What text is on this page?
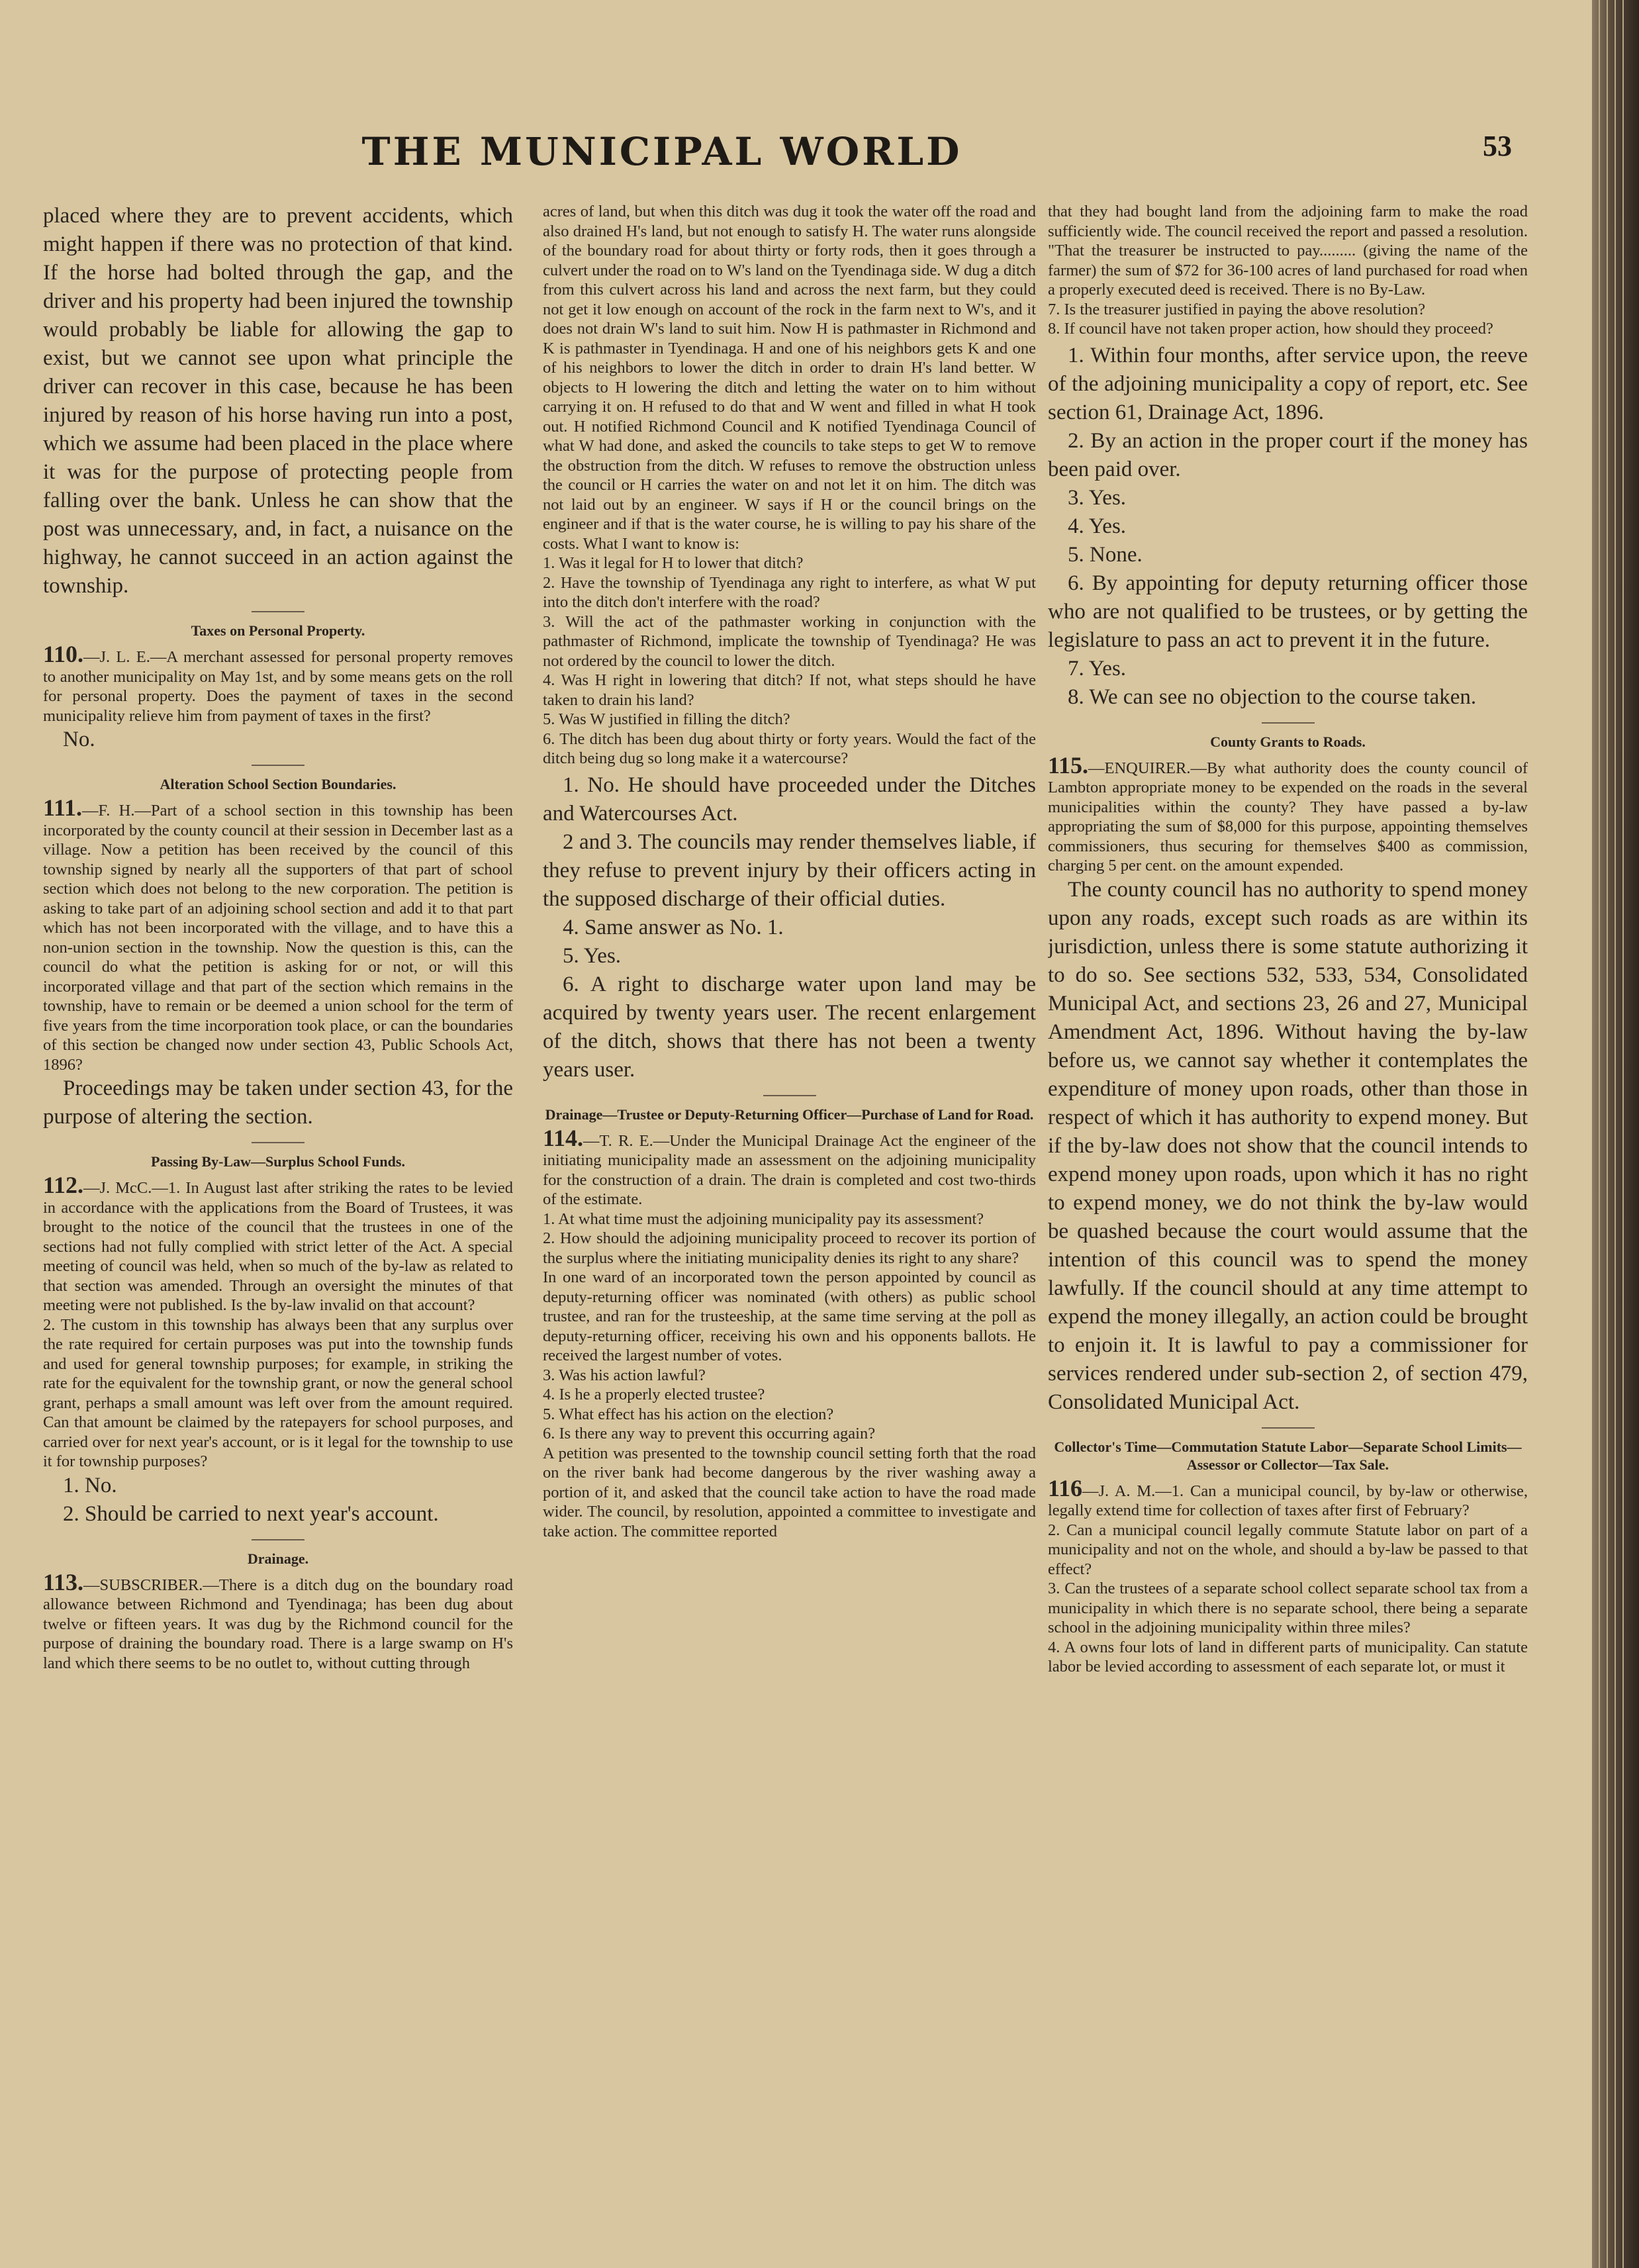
THE MUNICIPAL WORLD	53

placed where they are to prevent accidents, which might happen if there was no protection of that kind. If the horse had bolted through the gap, and the driver and his property had been injured the township would probably be liable for allowing the gap to exist, but we cannot see upon what principle the driver can recover in this case, because he has been injured by reason of his horse having run into a post, which we assume had been placed in the place where it was for the purpose of protecting people from falling over the bank. Unless he can show that the post was unnecessary, and, in fact, a nuisance on the highway, he cannot succeed in an action against the township.

Taxes on Personal Property.

110.—J. L. E.—A merchant assessed for personal property removes to another municipality on May 1st, and by some means gets on the roll for personal property. Does the payment of taxes in the second municipality relieve him from payment of taxes in the first?

No.

Alteration School Section Boundaries.

111.—F. H.—Part of a school section in this township has been incorporated by the county council at their session in December last as a village. Now a petition has been received by the council of this township signed by nearly all the supporters of that part of school section which does not belong to the new corporation. The petition is asking to take part of an adjoining school section and add it to that part which has not been incorporated with the village, and to have this a non-union section in the township. Now the question is this, can the council do what the petition is asking for or not, or will this incorporated village and that part of the section which remains in the township, have to remain or be deemed a union school for the term of five years from the time incorporation took place, or can the boundaries of this section be changed now under section 43, Public Schools Act, 1896?

Proceedings may be taken under section 43, for the purpose of altering the section.

Passing By-Law—Surplus School Funds.

112.—J. McC.—1. In August last after striking the rates to be levied in accordance with the applications from the Board of Trustees, it was brought to the notice of the council that the trustees in one of the sections had not fully complied with strict letter of the Act. A special meeting of council was held, when so much of the by-law as related to that section was amended. Through an oversight the minutes of that meeting were not published. Is the by-law invalid on that account?

2. The custom in this township has always been that any surplus over the rate required for certain purposes was put into the township funds and used for general township purposes; for example, in striking the rate for the equivalent for the township grant, or now the general school grant, perhaps a small amount was left over from the amount required. Can that amount be claimed by the ratepayers for school purposes, and carried over for next year's account, or is it legal for the township to use it for township purposes?

1. No.

2. Should be carried to next year's account.

Drainage.

113.—SUBSCRIBER.—There is a ditch dug on the boundary road allowance between Richmond and Tyendinaga; has been dug about twelve or fifteen years. It was dug by the Richmond council for the purpose of draining the boundary road. There is a large swamp on H's land which there seems to be no outlet to, without cutting through

acres of land, but when this ditch was dug it took the water off the road and also drained H's land, but not enough to satisfy H. The water runs alongside of the boundary road for about thirty or forty rods, then it goes through a culvert under the road on to W's land on the Tyendinaga side. W dug a ditch from this culvert across his land and across the next farm, but they could not get it low enough on account of the rock in the farm next to W's, and it does not drain W's land to suit him. Now H is pathmaster in Richmond and K is pathmaster in Tyendinaga. H and one of his neighbors gets K and one of his neighbors to lower the ditch in order to drain H's land better. W objects to H lowering the ditch and letting the water on to him without carrying it on. H refused to do that and W went and filled in what H took out. H notified Richmond Council and K notified Tyendinaga Council of what W had done, and asked the councils to take steps to get W to remove the obstruction from the ditch. W refuses to remove the obstruction unless the council or H carries the water on and not let it on him. The ditch was not laid out by an engineer. W says if H or the council brings on the engineer and if that is the water course, he is willing to pay his share of the costs. What I want to know is:

1. Was it legal for H to lower that ditch?

2. Have the township of Tyendinaga any right to interfere, as what W put into the ditch don't interfere with the road?

3. Will the act of the pathmaster working in conjunction with the pathmaster of Richmond, implicate the township of Tyendinaga? He was not ordered by the council to lower the ditch.

4. Was H right in lowering that ditch? If not, what steps should he have taken to drain his land?

5. Was W justified in filling the ditch?

6. The ditch has been dug about thirty or forty years. Would the fact of the ditch being dug so long make it a watercourse?

1. No. He should have proceeded under the Ditches and Watercourses Act.

2 and 3. The councils may render themselves liable, if they refuse to prevent injury by their officers acting in the supposed discharge of their official duties.

4. Same answer as No. 1.

5. Yes.

6. A right to discharge water upon land may be acquired by twenty years user. The recent enlargement of the ditch, shows that there has not been a twenty years user.

Drainage—Trustee or Deputy-Returning Officer—Purchase of Land for Road.

114.—T. R. E.—Under the Municipal Drainage Act the engineer of the initiating municipality made an assessment on the adjoining municipality for the construction of a drain. The drain is completed and cost two-thirds of the estimate.

1. At what time must the adjoining municipality pay its assessment?

2. How should the adjoining municipality proceed to recover its portion of the surplus where the initiating municipality denies its right to any share?

In one ward of an incorporated town the person appointed by council as deputy-returning officer was nominated (with others) as public school trustee, and ran for the trusteeship, at the same time serving at the poll as deputy-returning officer, receiving his own and his opponents ballots. He received the largest number of votes.

3. Was his action lawful?

4. Is he a properly elected trustee?

5. What effect has his action on the election?

6. Is there any way to prevent this occurring again?

A petition was presented to the township council setting forth that the road on the river bank had become dangerous by the river washing away a portion of it, and asked that the council take action to have the road made wider. The council, by resolution, appointed a committee to investigate and take action. The committee reported

that they had bought land from the adjoining farm to make the road sufficiently wide. The council received the report and passed a resolution. "That the treasurer be instructed to pay......... (giving the name of the farmer) the sum of $72 for 36-100 acres of land purchased for road when a properly executed deed is received. There is no By-Law.

7. Is the treasurer justified in paying the above resolution?

8. If council have not taken proper action, how should they proceed?

1. Within four months, after service upon, the reeve of the adjoining municipality a copy of report, etc. See section 61, Drainage Act, 1896.

2. By an action in the proper court if the money has been paid over.

3. Yes.

4. Yes.

5. None.

6. By appointing for deputy returning officer those who are not qualified to be trustees, or by getting the legislature to pass an act to prevent it in the future.

7. Yes.

8. We can see no objection to the course taken.

County Grants to Roads.

115.—ENQUIRER.—By what authority does the county council of Lambton appropriate money to be expended on the roads in the several municipalities within the county? They have passed a by-law appropriating the sum of $8,000 for this purpose, appointing themselves commissioners, thus securing for themselves $400 as commission, charging 5 per cent. on the amount expended.

The county council has no authority to spend money upon any roads, except such roads as are within its jurisdiction, unless there is some statute authorizing it to do so. See sections 532, 533, 534, Consolidated Municipal Act, and sections 23, 26 and 27, Municipal Amendment Act, 1896. Without having the by-law before us, we cannot say whether it contemplates the expenditure of money upon roads, other than those in respect of which it has authority to expend money. But if the by-law does not show that the council intends to expend money upon roads, upon which it has no right to expend money, we do not think the by-law would be quashed because the court would assume that the intention of this council was to spend the money lawfully. If the council should at any time attempt to expend the money illegally, an action could be brought to enjoin it. It is lawful to pay a commissioner for services rendered under sub-section 2, of section 479, Consolidated Municipal Act.

Collector's Time—Commutation Statute Labor—Separate School Limits—Assessor or Collector—Tax Sale.

116—J. A. M.—1. Can a municipal council, by by-law or otherwise, legally extend time for collection of taxes after first of February?

2. Can a municipal council legally commute Statute labor on part of a municipality and not on the whole, and should a by-law be passed to that effect?

3. Can the trustees of a separate school collect separate school tax from a municipality in which there is no separate school, there being a separate school in the adjoining municipality within three miles?

4. A owns four lots of land in different parts of municipality. Can statute labor be levied according to assessment of each separate lot, or must it
